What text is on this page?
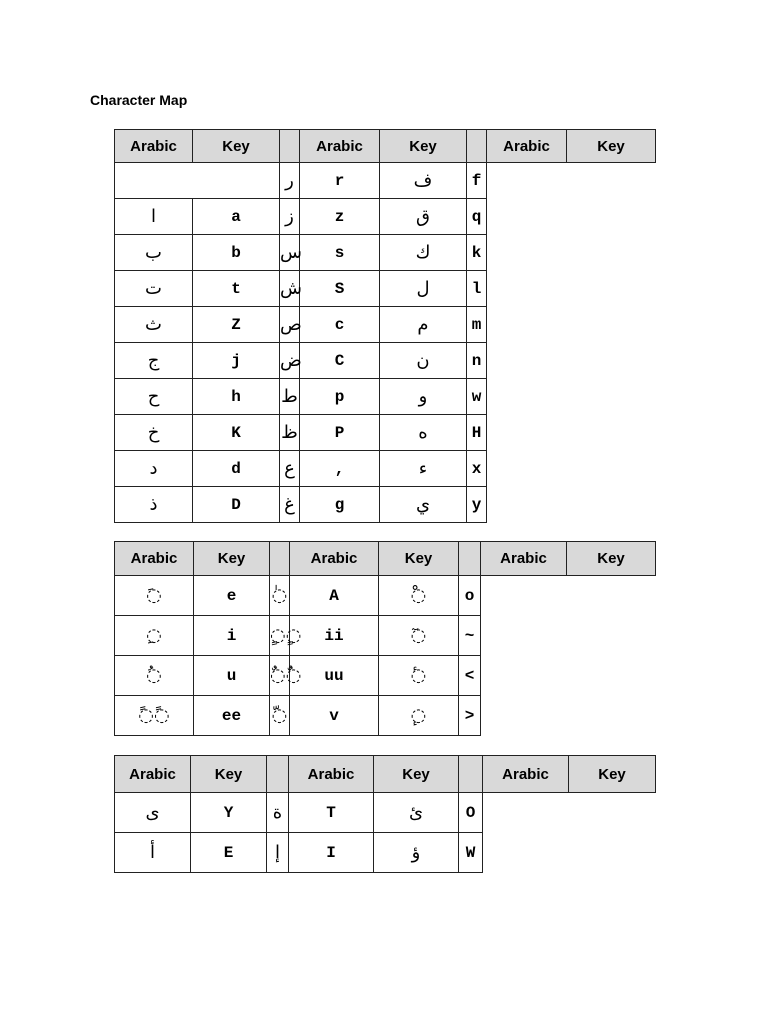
Character Map
Arabic	Key		Arabic	Key		Arabic	Key
		ر	r	ف	f		
ا	a	ز	z	ق	q		
ب	b	س	s	ك	k		
ت	t	ش	S	ل	l		
ث	Z	ص	c	م	m		
ج	j	ض	C	ن	n		
ح	h	ط	p	و	w		
خ	K	ظ	P	ه	H		
د	d	ع	,	ء	x		
ذ	D	غ	g	ي	y		
Arabic	Key		Arabic	Key		Arabic	Key
◌َ	e	◌ٰ	A	◌ْ	o		
◌ِ	i	◌ٍ◌ٍ	ii	◌ٓ	~		
◌ُ	u	◌ٌ◌ٌ	uu	◌ٔ	<		
◌ً◌ً	ee	◌ّ	v	◌ٕ	>		
Arabic	Key		Arabic	Key		Arabic	Key
ى	Y	ة	T	ئ	O		
أ	E	إ	I	ؤ	W		
